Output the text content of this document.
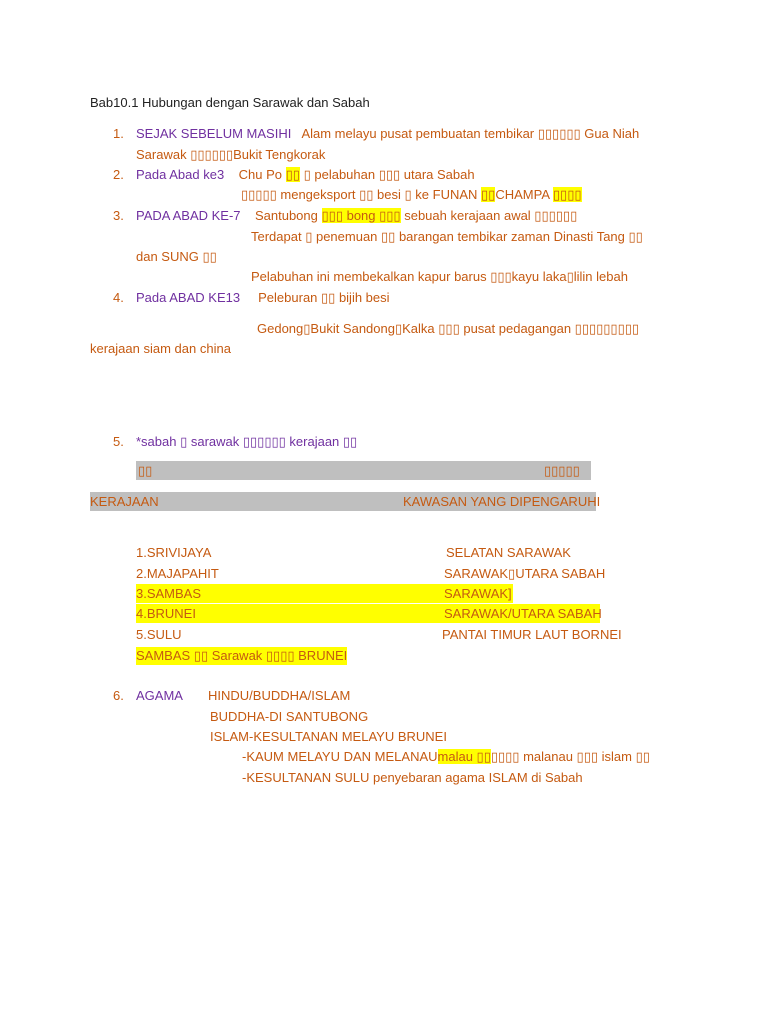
Bab10.1 Hubungan dengan Sarawak dan Sabah
1. SEJAK SEBELUM MASIHI Alam melayu pusat pembuatan tembikar ▯▯▯▯▯▯ Gua Niah
Sarawak ▯▯▯▯▯▯Bukit Tengkorak
2. Pada Abad ke3 Chu Po ▯▯ ▯ pelabuhan ▯▯▯ utara Sabah
▯▯▯▯▯ mengeksport ▯▯ besi ▯ ke FUNAN ▯▯CHAMPA ▯▯▯▯
3. PADA ABAD KE-7 Santubong ▯▯▯ bong ▯▯▯ sebuah kerajaan awal ▯▯▯▯▯▯
Terdapat ▯ penemuan ▯▯ barangan tembikar zaman Dinasti Tang ▯▯
dan SUNG ▯▯
Pelabuhan ini membekalkan kapur barus ▯▯▯kayu laka▯lilin lebah
4. Pada ABAD KE13 Peleburan ▯▯ bijih besi
Gedong▯Bukit Sandong▯Kalka ▯▯▯ pusat pedagangan ▯▯▯▯▯▯▯▯▯
kerajaan siam dan china
5. *sabah ▯ sarawak ▯▯▯▯▯▯ kerajaan ▯▯
▯▯	▯▯▯▯▯
KERAJAAN	KAWASAN YANG DIPENGARUHI
1.SRIVIJAYA	SELATAN SARAWAK
2.MAJAPAHIT	SARAWAK▯UTARA SABAH
3.SAMBAS	SARAWAK]
4.BRUNEI	SARAWAK/UTARA SABAH
5.SULU	PANTAI TIMUR LAUT BORNEI
SAMBAS ▯▯ Sarawak ▯▯▯▯ BRUNEI
6. AGAMA HINDU/BUDDHA/ISLAM
BUDDHA-DI SANTUBONG
ISLAM-KESULTANAN MELAYU BRUNEI
-KAUM MELAYU DAN MELANAUmalau ▯▯▯▯▯▯ malanau ▯▯▯ islam ▯▯
-KESULTANAN SULU penyebaran agama ISLAM di Sabah
